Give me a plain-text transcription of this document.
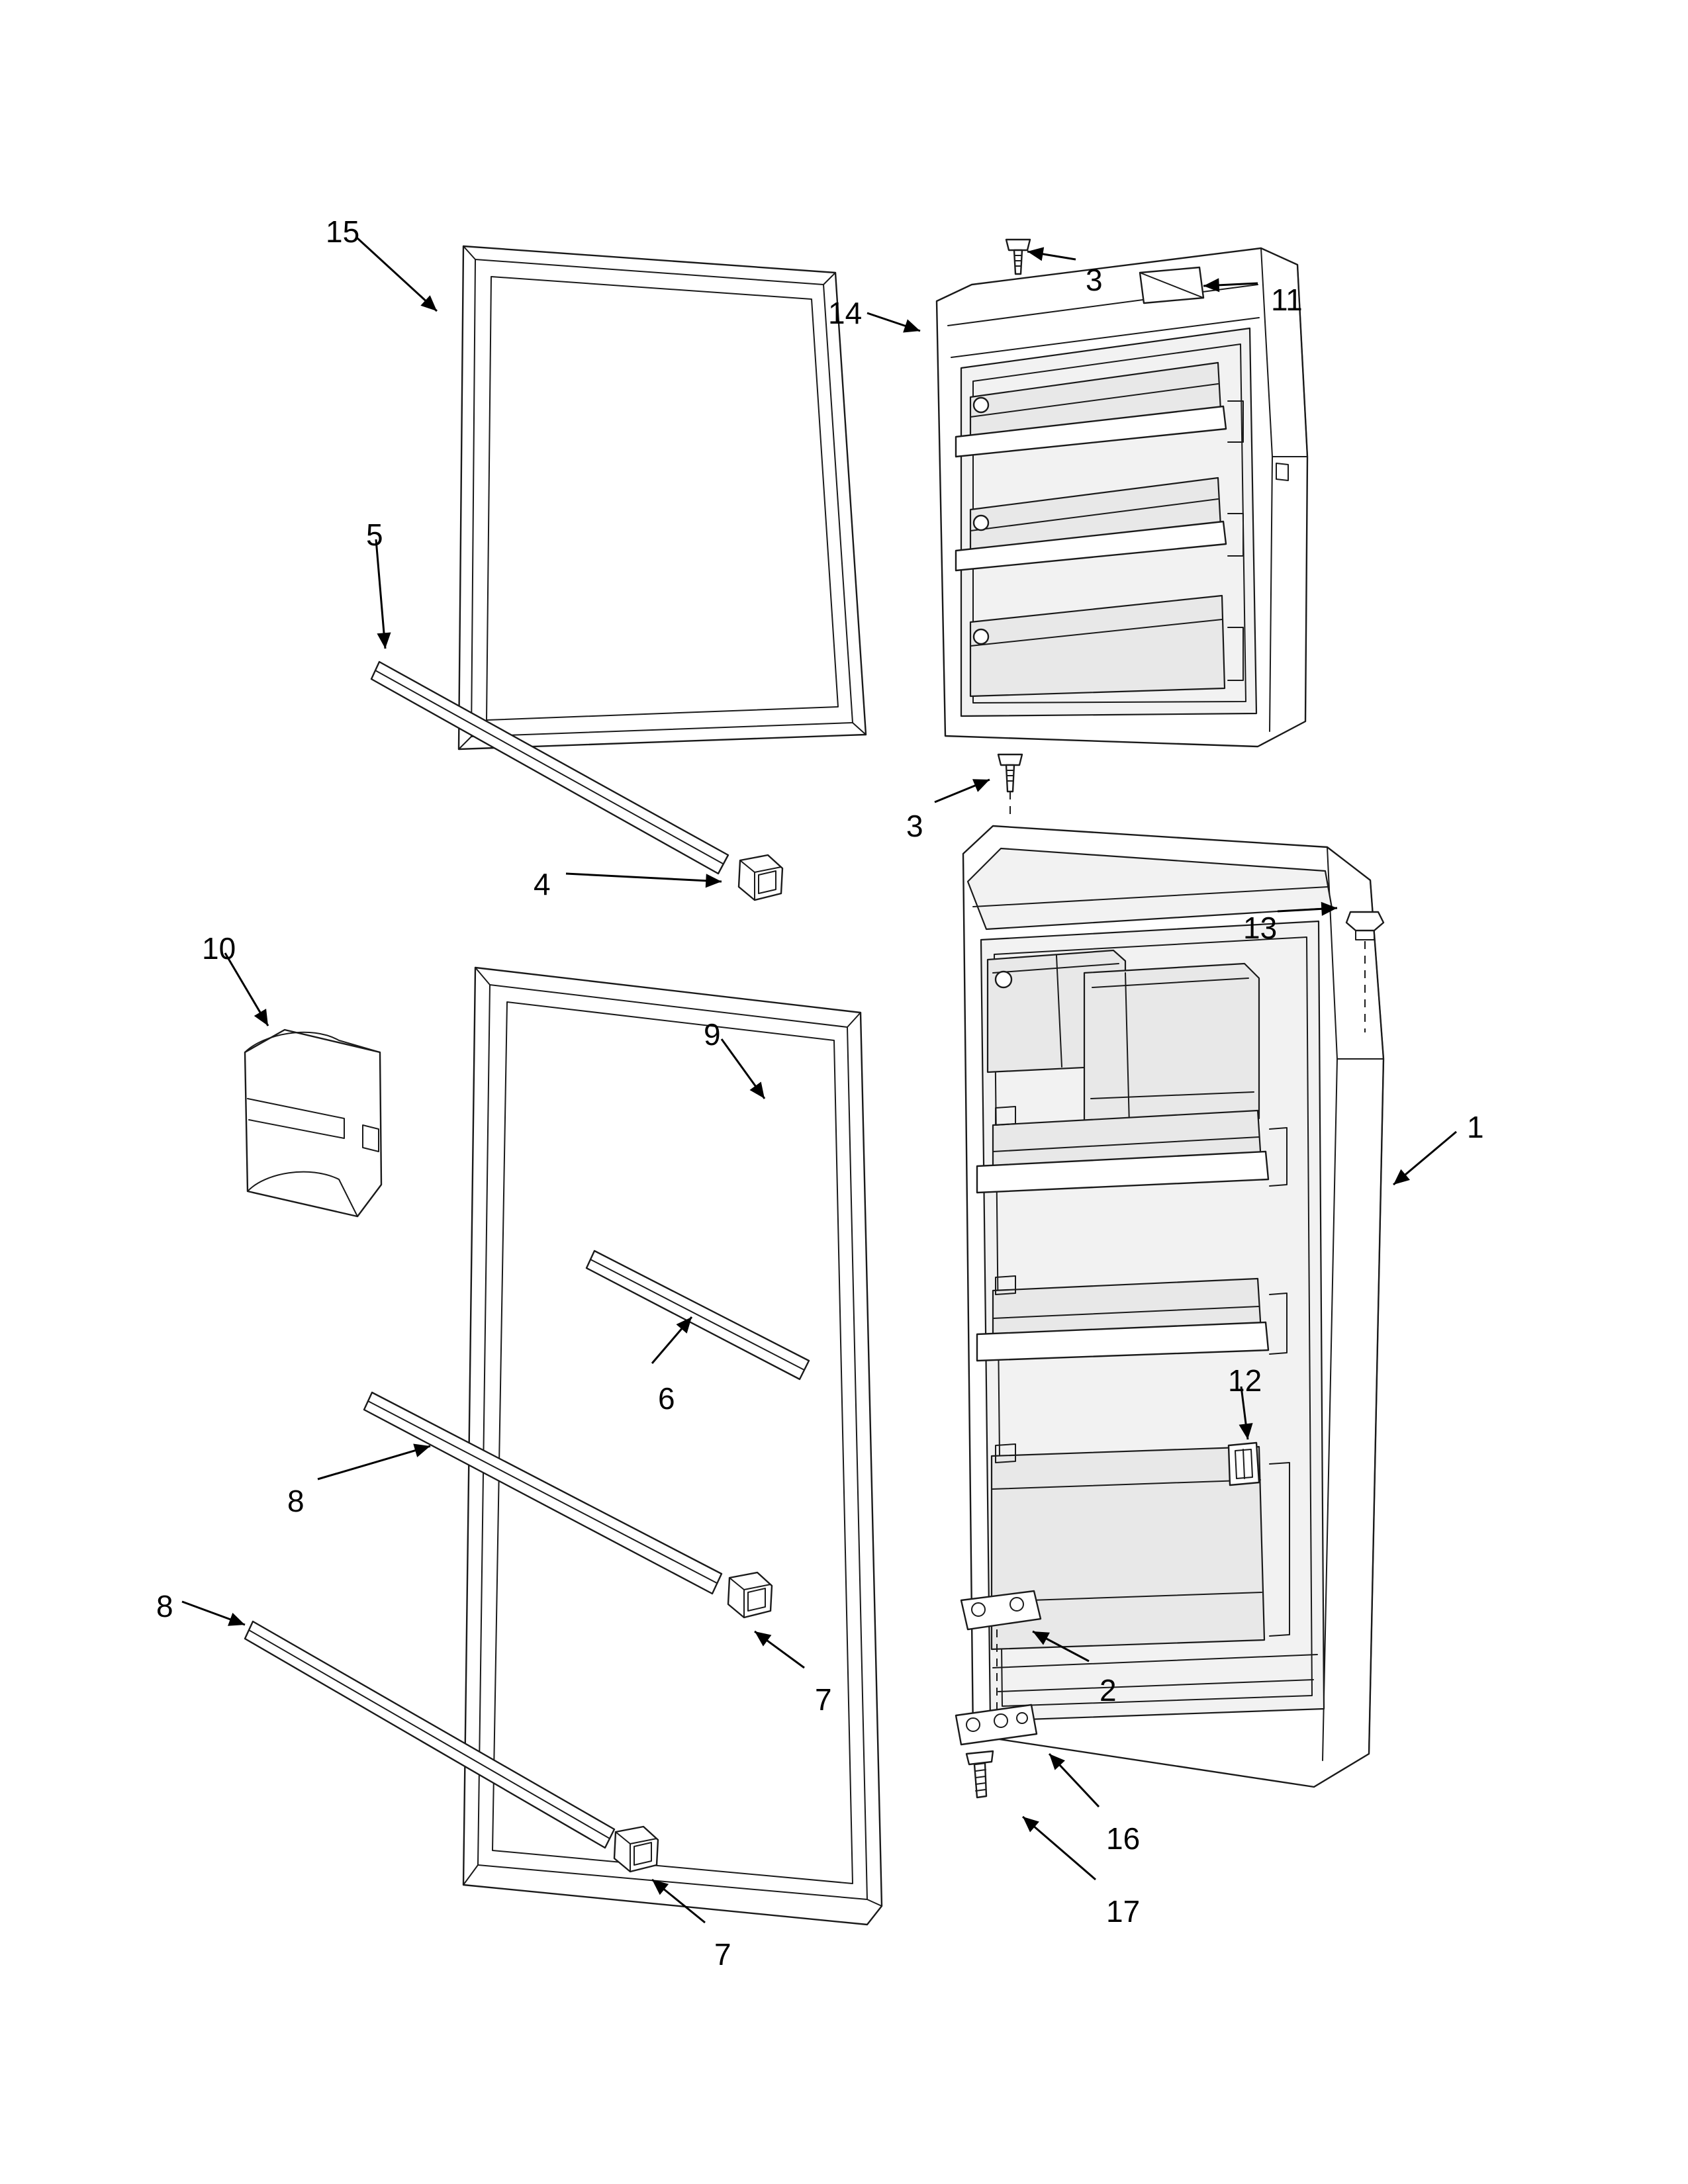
15
14
3
11
5
4
3
13
1
9
10
6
8
8
12
7	2
16
17
7
